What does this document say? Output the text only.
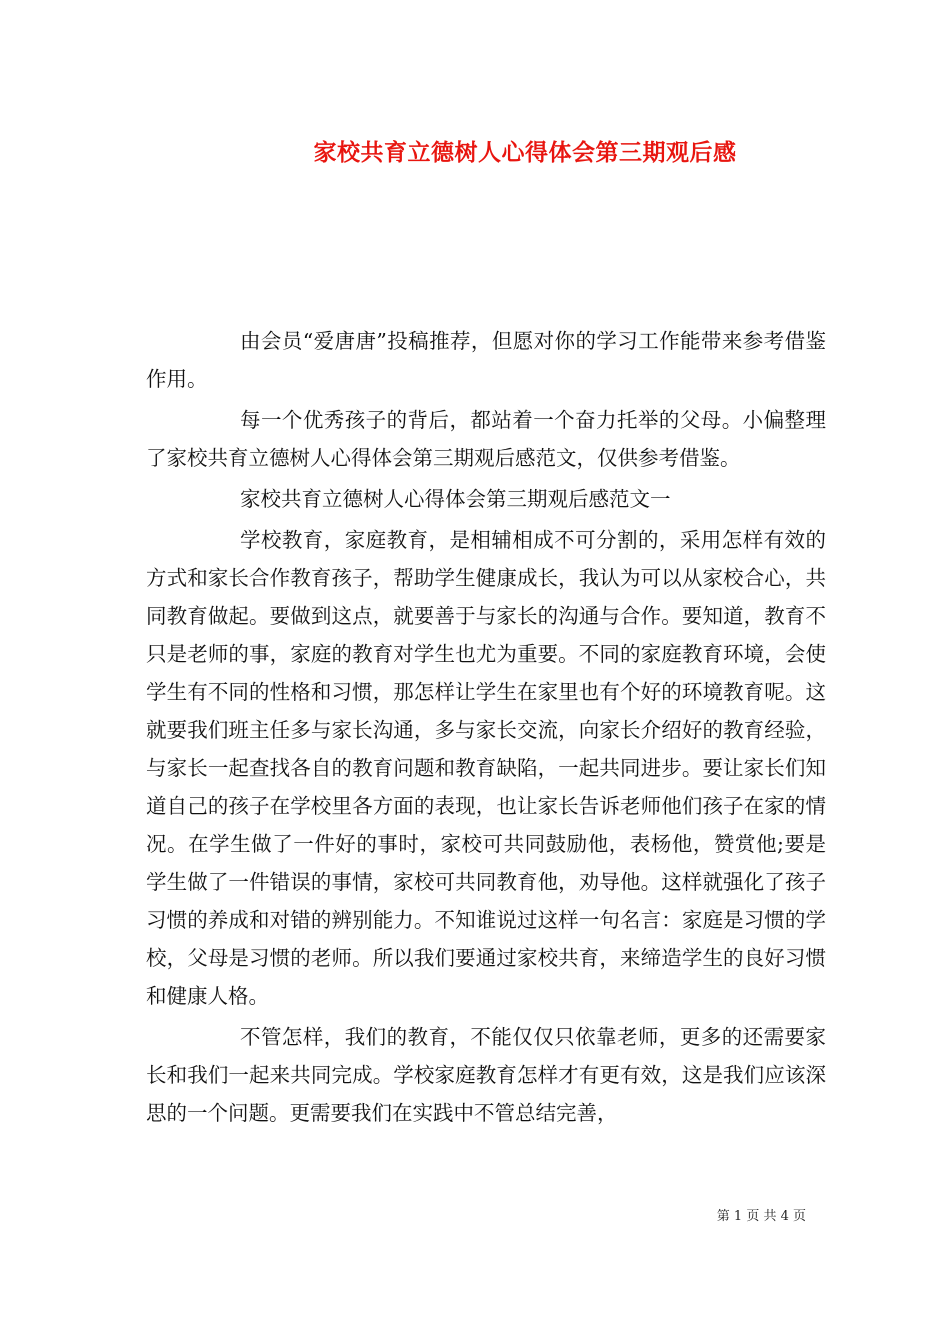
家校共育立德树人心得体会第三期观后感

由会员“爱唐唐”投稿推荐，但愿对你的学习工作能带来参考借鉴作用。

每一个优秀孩子的背后，都站着一个奋力托举的父母。小偏整理了家校共育立德树人心得体会第三期观后感范文，仅供参考借鉴。

家校共育立德树人心得体会第三期观后感范文一

学校教育，家庭教育，是相辅相成不可分割的，采用怎样有效的方式和家长合作教育孩子，帮助学生健康成长，我认为可以从家校合心，共同教育做起。要做到这点，就要善于与家长的沟通与合作。要知道，教育不只是老师的事，家庭的教育对学生也尤为重要。不同的家庭教育环境，会使学生有不同的性格和习惯，那怎样让学生在家里也有个好的环境教育呢。这就要我们班主任多与家长沟通，多与家长交流，向家长介绍好的教育经验，与家长一起查找各自的教育问题和教育缺陷，一起共同进步。要让家长们知道自己的孩子在学校里各方面的表现，也让家长告诉老师他们孩子在家的情况。在学生做了一件好的事时，家校可共同鼓励他，表杨他，赞赏他;要是学生做了一件错误的事情，家校可共同教育他，劝导他。这样就强化了孩子习惯的养成和对错的辨别能力。不知谁说过这样一句名言：家庭是习惯的学校，父母是习惯的老师。所以我们要通过家校共育，来缔造学生的良好习惯和健康人格。

不管怎样，我们的教育，不能仅仅只依靠老师，更多的还需要家长和我们一起来共同完成。学校家庭教育怎样才有更有效，这是我们应该深思的一个问题。更需要我们在实践中不管总结完善，

第 1 页 共 4 页
